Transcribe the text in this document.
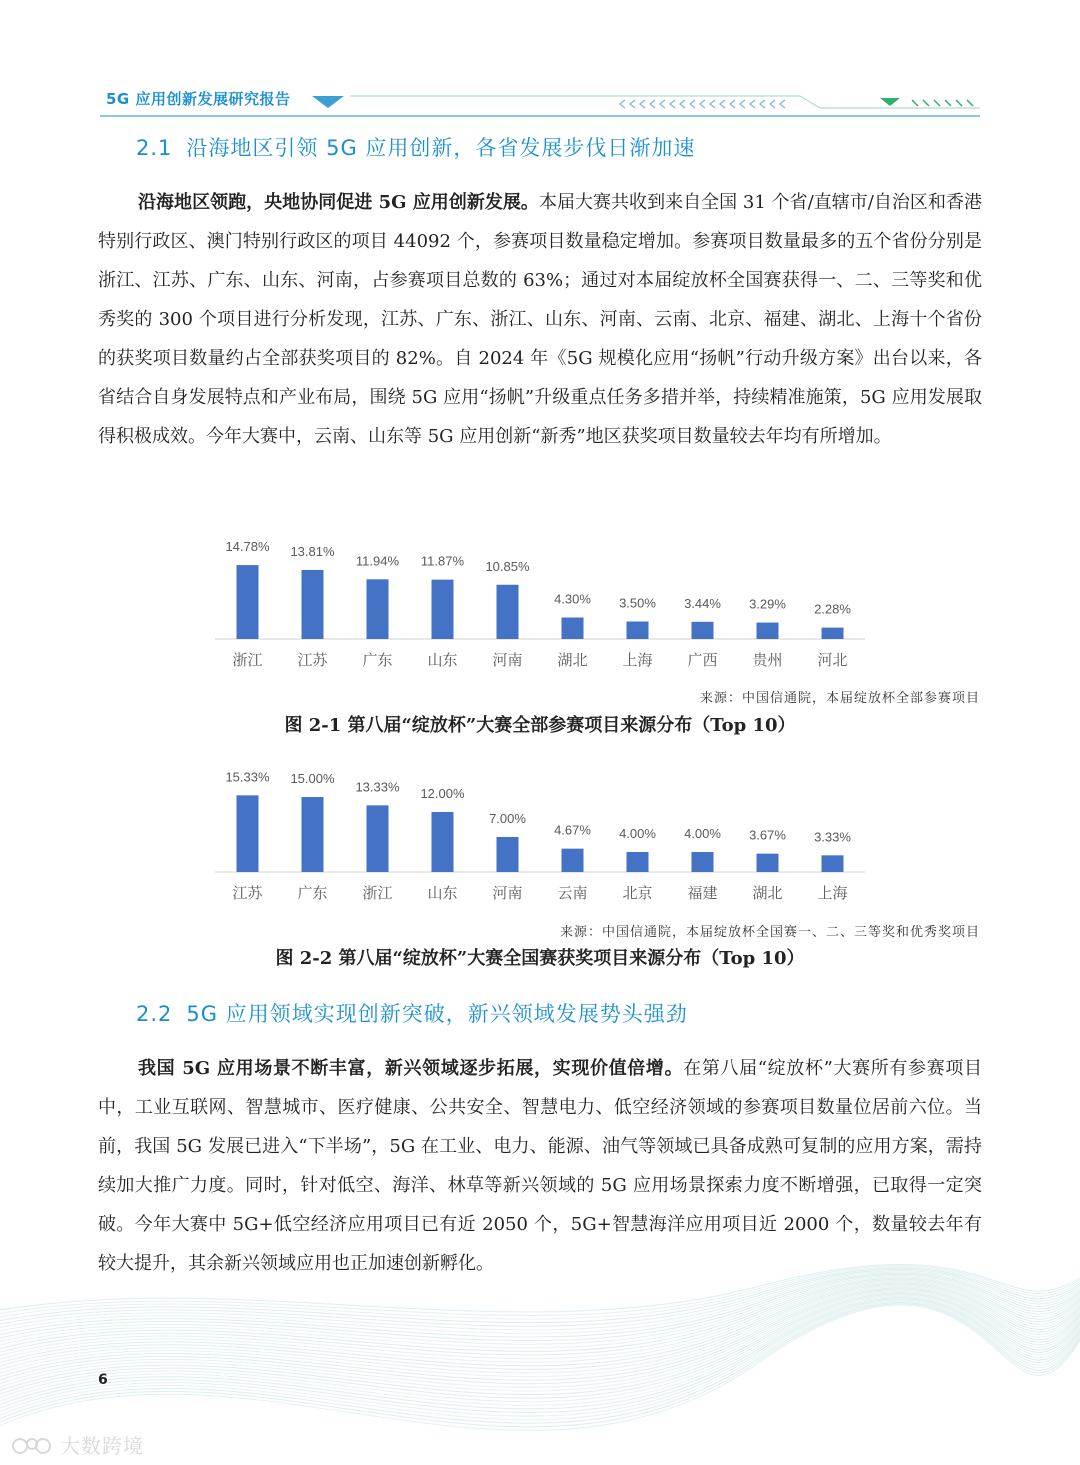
5G 应用创新发展研究报告
2.1 沿海地区引领 5G 应用创新，各省发展步伐日渐加速

沿海地区领跑，央地协同促进 5G 应用创新发展。本届大赛共收到来自全国 31 个省/直辖市/自治区和香港特别行政区、澳门特别行政区的项目 44092 个，参赛项目数量稳定增加。参赛项目数量最多的五个省份分别是浙江、江苏、广东、山东、河南，占参赛项目总数的 63%；通过对本届绽放杯全国赛获得一、二、三等奖和优秀奖的 300 个项目进行分析发现，江苏、广东、浙江、山东、河南、云南、北京、福建、湖北、上海十个省份的获奖项目数量约占全部获奖项目的 82%。自 2024 年《5G 规模化应用“扬帆”行动升级方案》出台以来，各省结合自身发展特点和产业布局，围绕 5G 应用“扬帆”升级重点任务多措并举，持续精准施策，5G 应用发展取得积极成效。今年大赛中，云南、山东等 5G 应用创新“新秀”地区获奖项目数量较去年均有所增加。

14.78%
浙江
13.81%
江苏
11.94%
广东
11.87%
山东
10.85%
河南
4.30%
湖北
3.50%
上海
3.44%
广西
3.29%
贵州
2.28%
河北
来源：中国信通院，本届绽放杯全部参赛项目
图 2-1 第八届“绽放杯”大赛全部参赛项目来源分布（Top 10）
15.33%
江苏
15.00%
广东
13.33%
浙江
12.00%
山东
7.00%
河南
4.67%
云南
4.00%
北京
4.00%
福建
3.67%
湖北
3.33%
上海
来源：中国信通院，本届绽放杯全国赛一、二、三等奖和优秀奖项目
图 2-2 第八届“绽放杯”大赛全国赛获奖项目来源分布（Top 10）
2.2 5G 应用领域实现创新突破，新兴领域发展势头强劲

我国 5G 应用场景不断丰富，新兴领域逐步拓展，实现价值倍增。在第八届“绽放杯”大赛所有参赛项目中，工业互联网、智慧城市、医疗健康、公共安全、智慧电力、低空经济领域的参赛项目数量位居前六位。当前，我国 5G 发展已进入“下半场”，5G 在工业、电力、能源、油气等领域已具备成熟可复制的应用方案，需持续加大推广力度。同时，针对低空、海洋、林草等新兴领域的 5G 应用场景探索力度不断增强，已取得一定突破。今年大赛中 5G+低空经济应用项目已有近 2050 个，5G+智慧海洋应用项目近 2000 个，数量较去年有较大提升，其余新兴领域应用也正加速创新孵化。

6
大数跨境
